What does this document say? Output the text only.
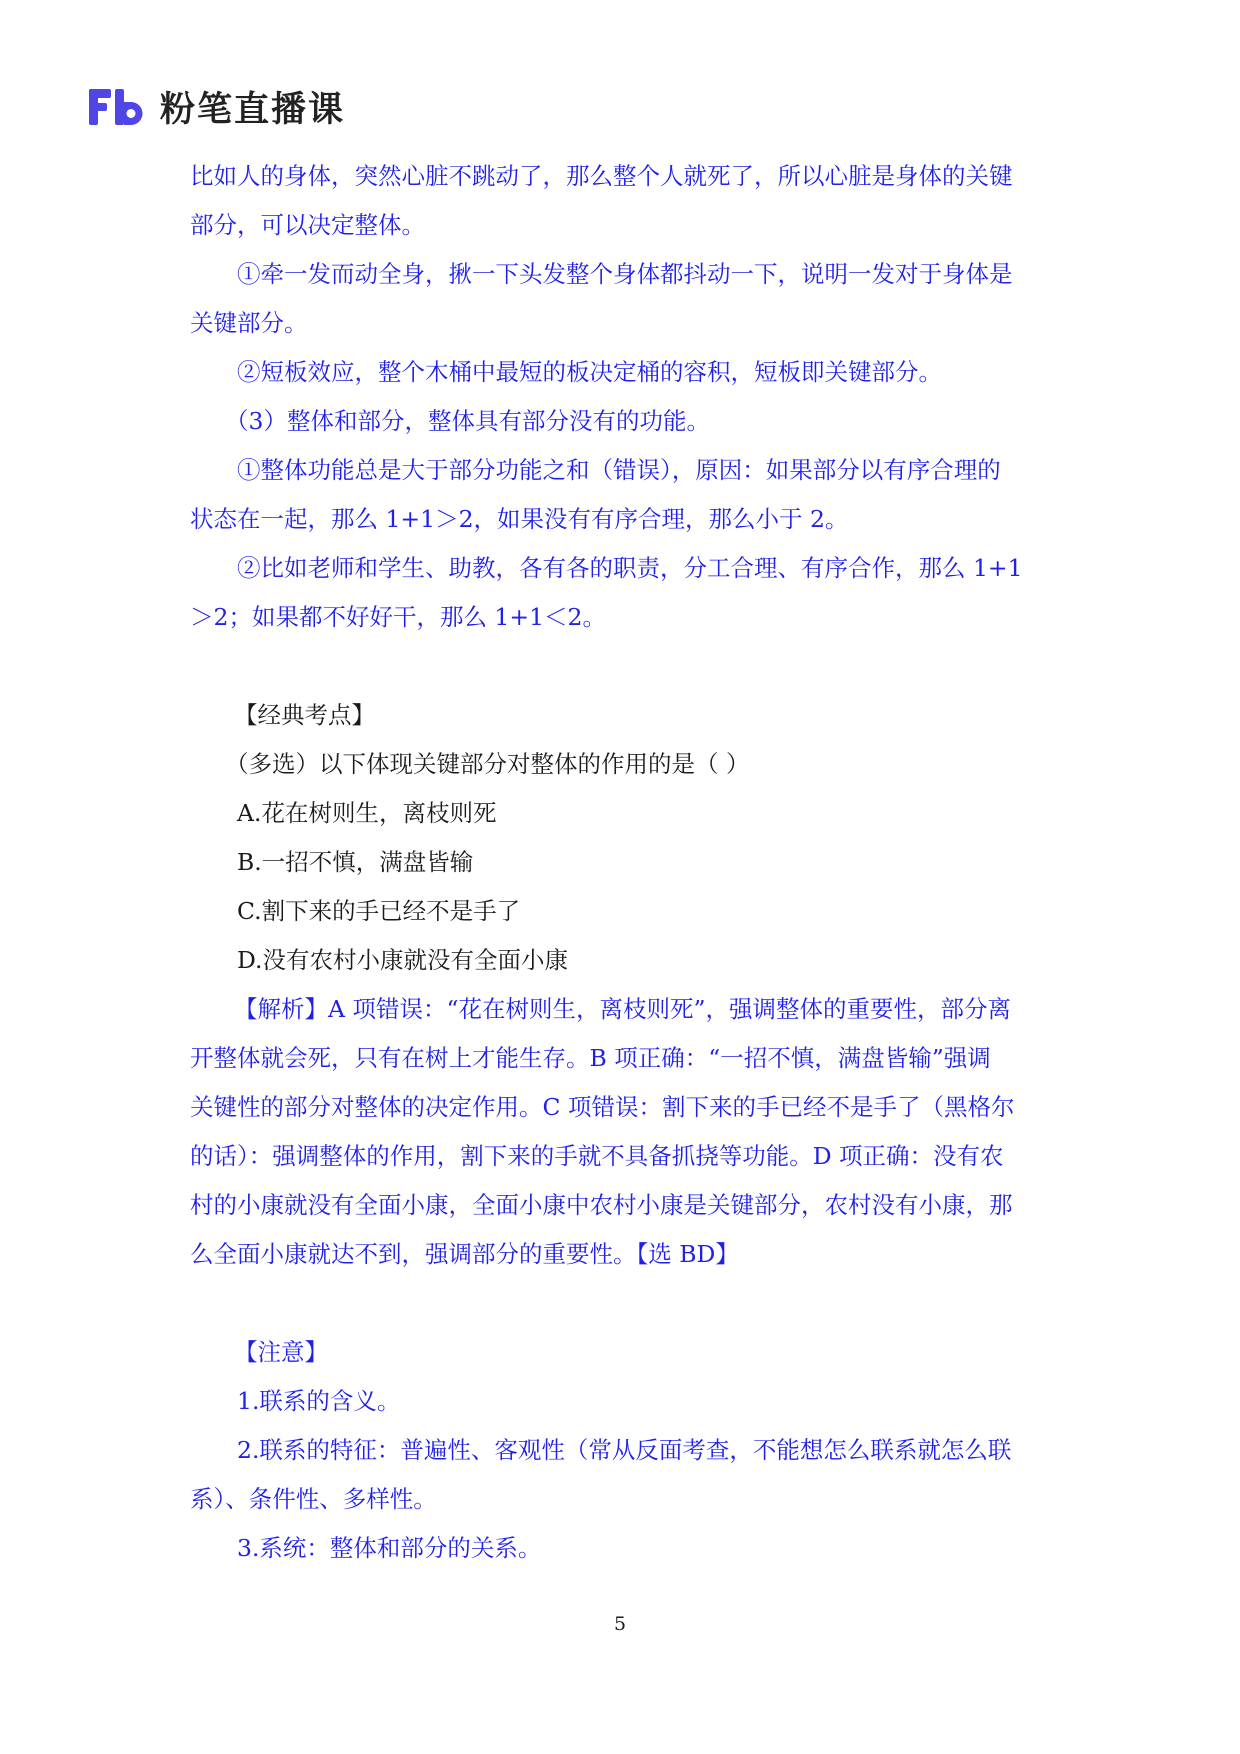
粉笔直播课
比如人的身体，突然心脏不跳动了，那么整个人就死了，所以心脏是身体的关键
部分，可以决定整体。
①牵一发而动全身，揪一下头发整个身体都抖动一下，说明一发对于身体是
关键部分。
②短板效应，整个木桶中最短的板决定桶的容积，短板即关键部分。
（3）整体和部分，整体具有部分没有的功能。
①整体功能总是大于部分功能之和（错误），原因：如果部分以有序合理的
状态在一起，那么 1+1＞2，如果没有有序合理，那么小于 2。
②比如老师和学生、助教，各有各的职责，分工合理、有序合作，那么 1+1
＞2；如果都不好好干，那么 1+1＜2。
【经典考点】
（多选）以下体现关键部分对整体的作用的是（ ）
A.花在树则生，离枝则死
B.一招不慎，满盘皆输
C.割下来的手已经不是手了
D.没有农村小康就没有全面小康
【解析】A 项错误：“花在树则生，离枝则死”，强调整体的重要性，部分离
开整体就会死，只有在树上才能生存。B 项正确：“一招不慎，满盘皆输”强调
关键性的部分对整体的决定作用。C 项错误：割下来的手已经不是手了（黑格尔
的话）：强调整体的作用，割下来的手就不具备抓挠等功能。D 项正确：没有农
村的小康就没有全面小康，全面小康中农村小康是关键部分，农村没有小康，那
么全面小康就达不到，强调部分的重要性。【选 BD】
【注意】
1.联系的含义。
2.联系的特征：普遍性、客观性（常从反面考查，不能想怎么联系就怎么联
系）、条件性、多样性。
3.系统：整体和部分的关系。
5
